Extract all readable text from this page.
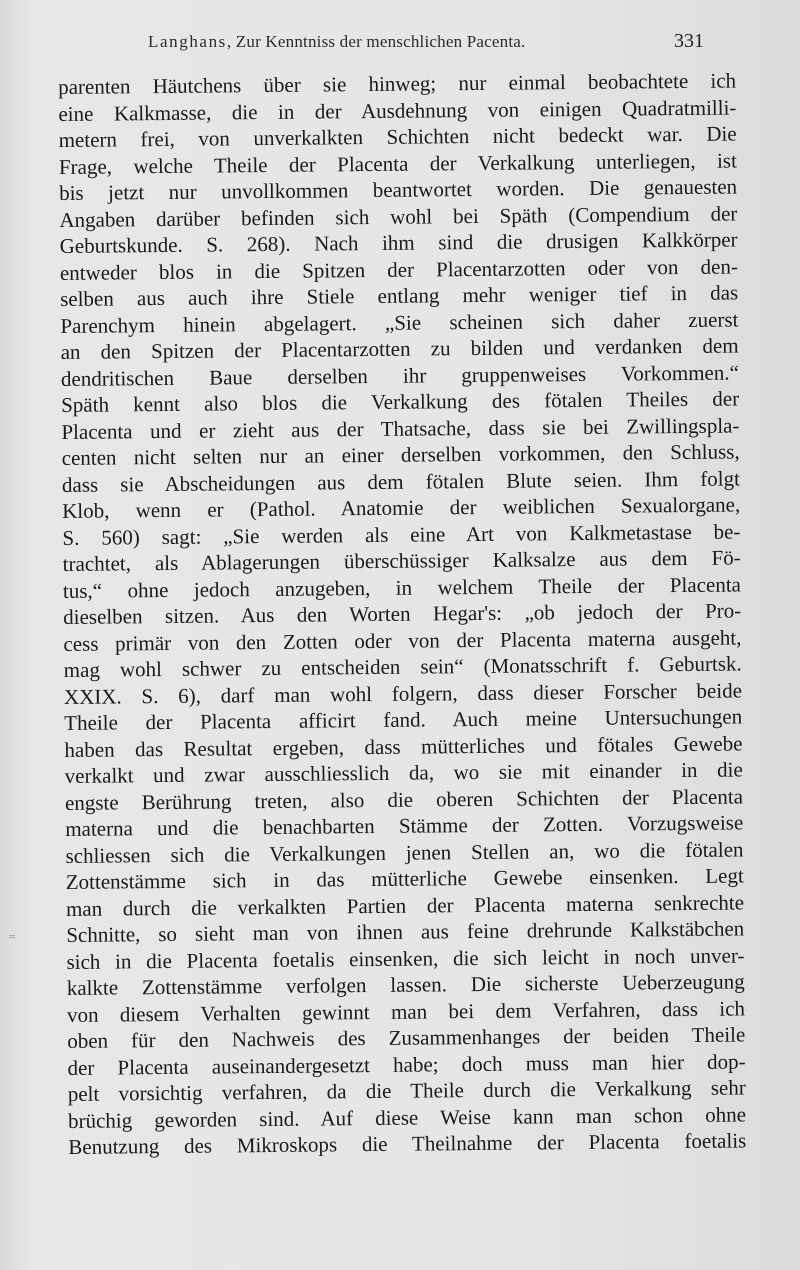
Langhans, Zur Kenntniss der menschlichen Pacenta.	331
=
parenten Häutchens über sie hinweg; nur einmal beobachtete ich
eine Kalkmasse, die in der Ausdehnung von einigen Quadratmilli-
metern frei, von unverkalkten Schichten nicht bedeckt war. Die
Frage, welche Theile der Placenta der Verkalkung unterliegen, ist
bis jetzt nur unvollkommen beantwortet worden. Die genauesten
Angaben darüber befinden sich wohl bei Späth (Compendium der
Geburtskunde. S. 268). Nach ihm sind die drusigen Kalkkörper
entweder blos in die Spitzen der Placentarzotten oder von den-
selben aus auch ihre Stiele entlang mehr weniger tief in das
Parenchym hinein abgelagert. „Sie scheinen sich daher zuerst
an den Spitzen der Placentarzotten zu bilden und verdanken dem
dendritischen Baue derselben ihr gruppenweises Vorkommen.“
Späth kennt also blos die Verkalkung des fötalen Theiles der
Placenta und er zieht aus der Thatsache, dass sie bei Zwillingspla-
centen nicht selten nur an einer derselben vorkommen, den Schluss,
dass sie Abscheidungen aus dem fötalen Blute seien. Ihm folgt
Klob, wenn er (Pathol. Anatomie der weiblichen Sexualorgane,
S. 560) sagt: „Sie werden als eine Art von Kalkmetastase be-
trachtet, als Ablagerungen überschüssiger Kalksalze aus dem Fö-
tus,“ ohne jedoch anzugeben, in welchem Theile der Placenta
dieselben sitzen. Aus den Worten Hegar's: „ob jedoch der Pro-
cess primär von den Zotten oder von der Placenta materna ausgeht,
mag wohl schwer zu entscheiden sein“ (Monatsschrift f. Geburtsk.
XXIX. S. 6), darf man wohl folgern, dass dieser Forscher beide
Theile der Placenta afficirt fand. Auch meine Untersuchungen
haben das Resultat ergeben, dass mütterliches und fötales Gewebe
verkalkt und zwar ausschliesslich da, wo sie mit einander in die
engste Berührung treten, also die oberen Schichten der Placenta
materna und die benachbarten Stämme der Zotten. Vorzugsweise
schliessen sich die Verkalkungen jenen Stellen an, wo die fötalen
Zottenstämme sich in das mütterliche Gewebe einsenken. Legt
man durch die verkalkten Partien der Placenta materna senkrechte
Schnitte, so sieht man von ihnen aus feine drehrunde Kalkstäbchen
sich in die Placenta foetalis einsenken, die sich leicht in noch unver-
kalkte Zottenstämme verfolgen lassen. Die sicherste Ueberzeugung
von diesem Verhalten gewinnt man bei dem Verfahren, dass ich
oben für den Nachweis des Zusammenhanges der beiden Theile
der Placenta auseinandergesetzt habe; doch muss man hier dop-
pelt vorsichtig verfahren, da die Theile durch die Verkalkung sehr
brüchig geworden sind. Auf diese Weise kann man schon ohne
Benutzung des Mikroskops die Theilnahme der Placenta foetalis
